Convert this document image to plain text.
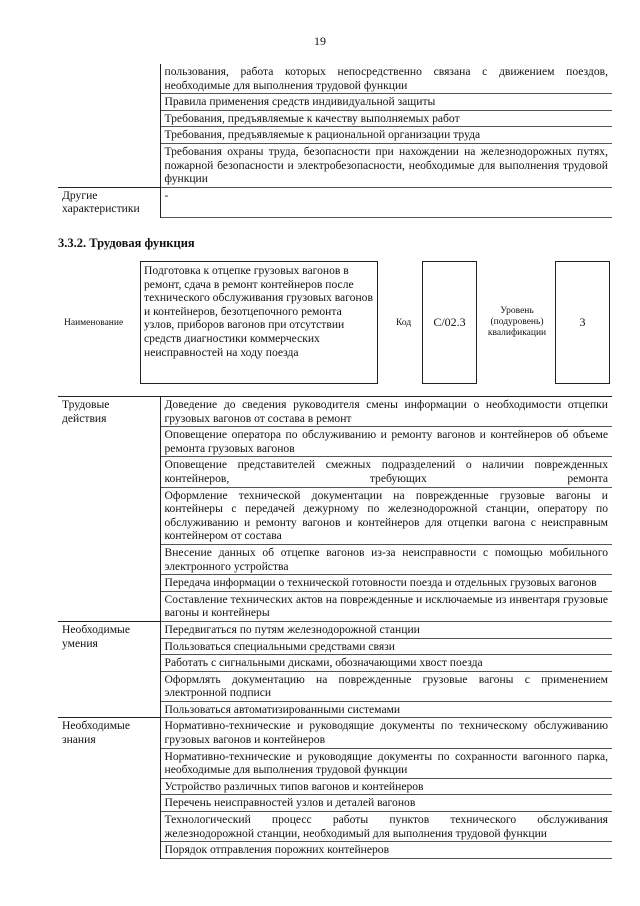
19
	пользования, работа которых непосредственно связана с движением поездов, необходимые для выполнения трудовой функции
	Правила применения средств индивидуальной защиты
	Требования, предъявляемые к качеству выполняемых работ
	Требования, предъявляемые к рациональной организации труда
	Требования охраны труда, безопасности при нахождении на железнодорожных путях, пожарной безопасности и электробезопасности, необходимые для выполнения трудовой функции
Другие характеристики	-
3.3.2. Трудовая функция
Наименование
Подготовка к отцепке грузовых вагонов в ремонт, сдача в ремонт контейнеров после технического обслуживания грузовых вагонов и контейнеров, безотцепочного ремонта узлов, приборов вагонов при отсутствии средств диагностики коммерческих неисправностей на ходу поезда
Код С/02.3
Уровень (подуровень) квалификации
3
Трудовые действия	Доведение до сведения руководителя смены информации о необходимости отцепки грузовых вагонов от состава в ремонт
	Оповещение оператора по обслуживанию и ремонту вагонов и контейнеров об объеме ремонта грузовых вагонов
	Оповещение представителей смежных подразделений о наличии поврежденных контейнеров, требующих ремонта
	Оформление технической документации на поврежденные грузовые вагоны и контейнеры с передачей дежурному по железнодорожной станции, оператору по обслуживанию и ремонту вагонов и контейнеров для отцепки вагона с неисправным контейнером от состава
	Внесение данных об отцепке вагонов из-за неисправности с помощью мобильного электронного устройства
	Передача информации о технической готовности поезда и отдельных грузовых вагонов
	Составление технических актов на поврежденные и исключаемые из инвентаря грузовые вагоны и контейнеры
Необходимые умения	Передвигаться по путям железнодорожной станции
	Пользоваться специальными средствами связи
	Работать с сигнальными дисками, обозначающими хвост поезда
	Оформлять документацию на поврежденные грузовые вагоны с применением электронной подписи
	Пользоваться автоматизированными системами
Необходимые знания	Нормативно-технические и руководящие документы по техническому обслуживанию грузовых вагонов и контейнеров
	Нормативно-технические и руководящие документы по сохранности вагонного парка, необходимые для выполнения трудовой функции
	Устройство различных типов вагонов и контейнеров
	Перечень неисправностей узлов и деталей вагонов
	Технологический процесс работы пунктов технического обслуживания железнодорожной станции, необходимый для выполнения трудовой функции
	Порядок отправления порожних контейнеров
